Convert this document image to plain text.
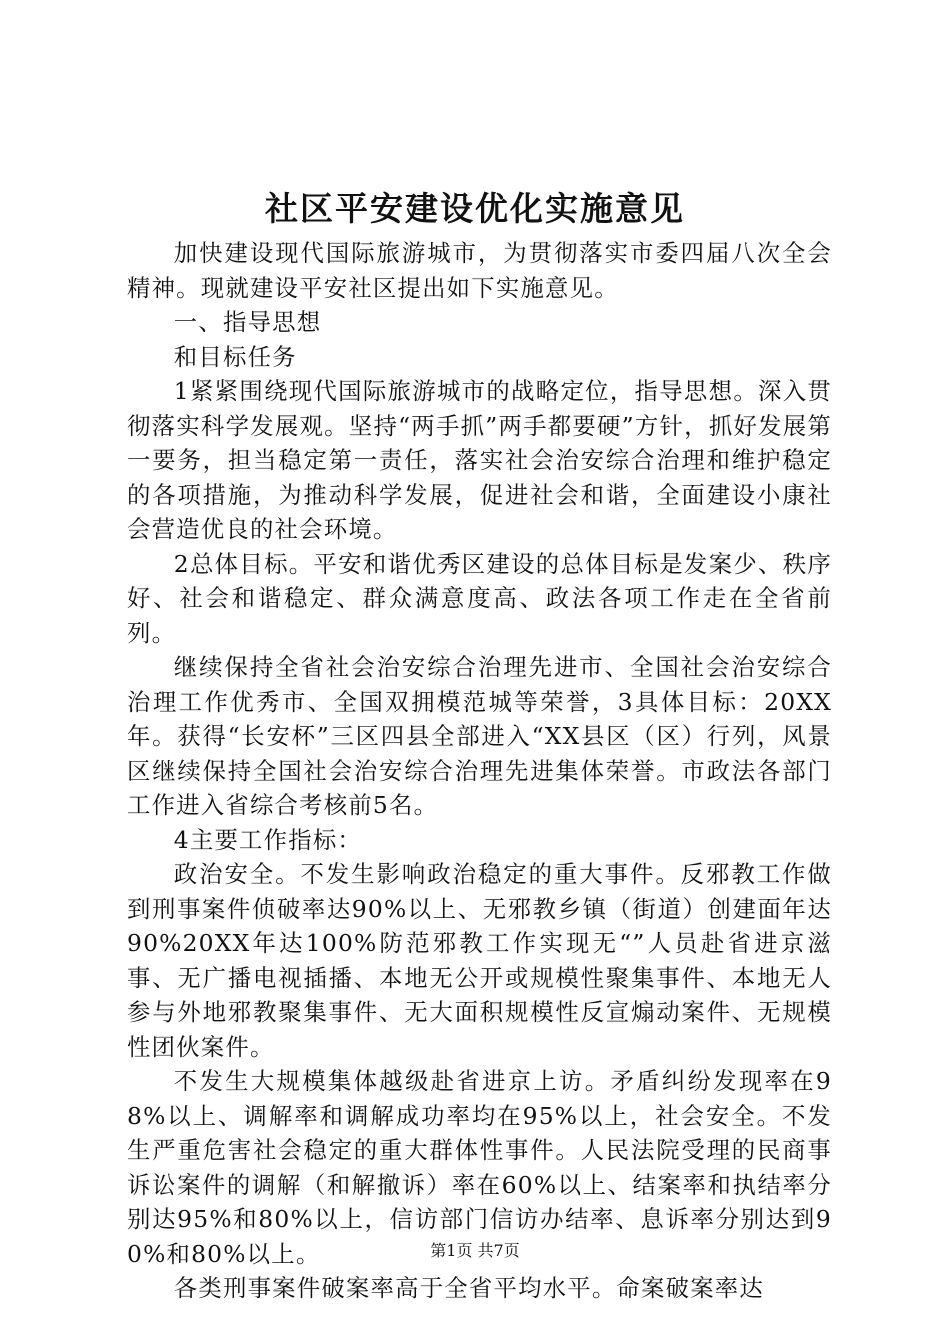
社区平安建设优化实施意见

加快建设现代国际旅游城市，为贯彻落实市委四届八次全会精神。现就建设平安社区提出如下实施意见。

一、指导思想

和目标任务

1紧紧围绕现代国际旅游城市的战略定位，指导思想。深入贯彻落实科学发展观。坚持“两手抓”两手都要硬”方针，抓好发展第一要务，担当稳定第一责任，落实社会治安综合治理和维护稳定的各项措施，为推动科学发展，促进社会和谐，全面建设小康社会营造优良的社会环境。

2总体目标。平安和谐优秀区建设的总体目标是发案少、秩序好、社会和谐稳定、群众满意度高、政法各项工作走在全省前列。

继续保持全省社会治安综合治理先进市、全国社会治安综合治理工作优秀市、全国双拥模范城等荣誉，3具体目标：20XX年。获得“长安杯”三区四县全部进入“XX县区（区）行列，风景区继续保持全国社会治安综合治理先进集体荣誉。市政法各部门工作进入省综合考核前5名。

4主要工作指标：

政治安全。不发生影响政治稳定的重大事件。反邪教工作做到刑事案件侦破率达90%以上、无邪教乡镇（街道）创建面年达90%20XX年达100%防范邪教工作实现无“”人员赴省进京滋事、无广播电视插播、本地无公开或规模性聚集事件、本地无人参与外地邪教聚集事件、无大面积规模性反宣煽动案件、无规模性团伙案件。

不发生大规模集体越级赴省进京上访。矛盾纠纷发现率在98%以上、调解率和调解成功率均在95%以上，社会安全。不发生严重危害社会稳定的重大群体性事件。人民法院受理的民商事诉讼案件的调解（和解撤诉）率在60%以上、结案率和执结率分别达95%和80%以上，信访部门信访办结率、息诉率分别达到90%和80%以上。

各类刑事案件破案率高于全省平均水平。命案破案率达

第1页 共7页
